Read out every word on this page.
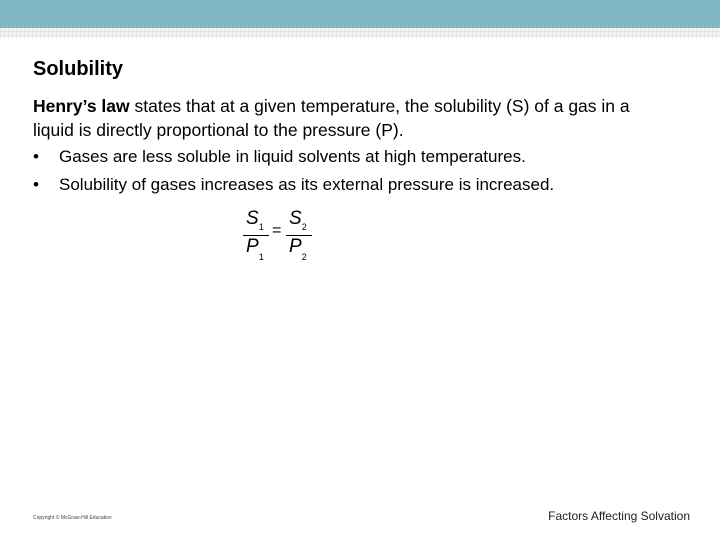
Solubility
Henry’s law states that at a given temperature, the solubility (S) of a gas in a liquid is directly proportional to the pressure (P).
•	Gases are less soluble in liquid solvents at high temperatures.
•	Solubility of gases increases as its external pressure is increased.
$S_1$
$P_1$
=
$S_2$
$P_2$
Copyright © McGraw-Hill Education	Factors Affecting Solvation
